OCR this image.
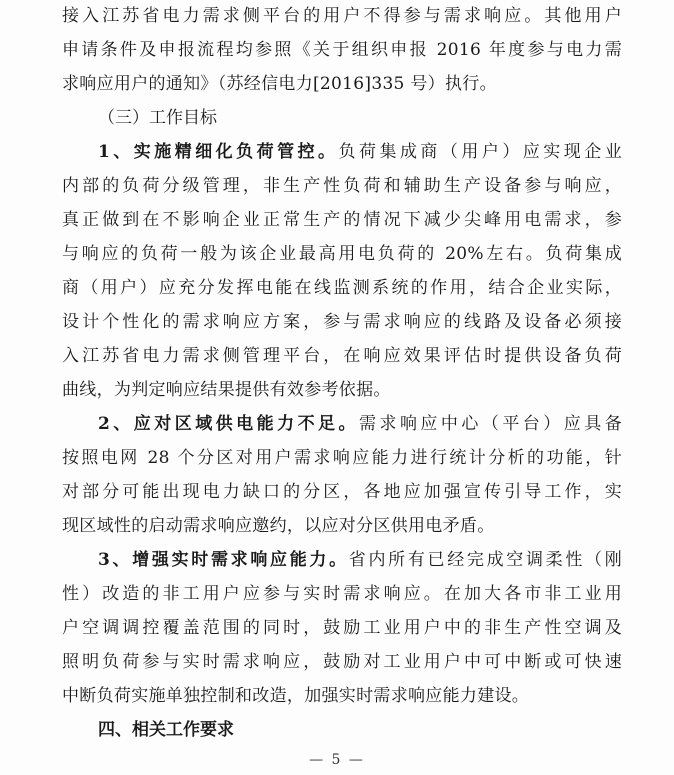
接入江苏省电力需求侧平台的用户不得参与需求响应。其他用户
申请条件及申报流程均参照《关于组织申报 2016 年度参与电力需
求响应用户的通知》（苏经信电力[2016]335 号）执行。
（三）工作目标
1、实施精细化负荷管控。负荷集成商（用户）应实现企业
内部的负荷分级管理，非生产性负荷和辅助生产设备参与响应，
真正做到在不影响企业正常生产的情况下减少尖峰用电需求，参
与响应的负荷一般为该企业最高用电负荷的 20%左右。负荷集成
商（用户）应充分发挥电能在线监测系统的作用，结合企业实际，
设计个性化的需求响应方案，参与需求响应的线路及设备必须接
入江苏省电力需求侧管理平台，在响应效果评估时提供设备负荷
曲线，为判定响应结果提供有效参考依据。
2、应对区域供电能力不足。需求响应中心（平台）应具备
按照电网 28 个分区对用户需求响应能力进行统计分析的功能，针
对部分可能出现电力缺口的分区，各地应加强宣传引导工作，实
现区域性的启动需求响应邀约，以应对分区供用电矛盾。
3、增强实时需求响应能力。省内所有已经完成空调柔性（刚
性）改造的非工用户应参与实时需求响应。在加大各市非工业用
户空调调控覆盖范围的同时，鼓励工业用户中的非生产性空调及
照明负荷参与实时需求响应，鼓励对工业用户中可中断或可快速
中断负荷实施单独控制和改造，加强实时需求响应能力建设。
四、相关工作要求
— 5 —
